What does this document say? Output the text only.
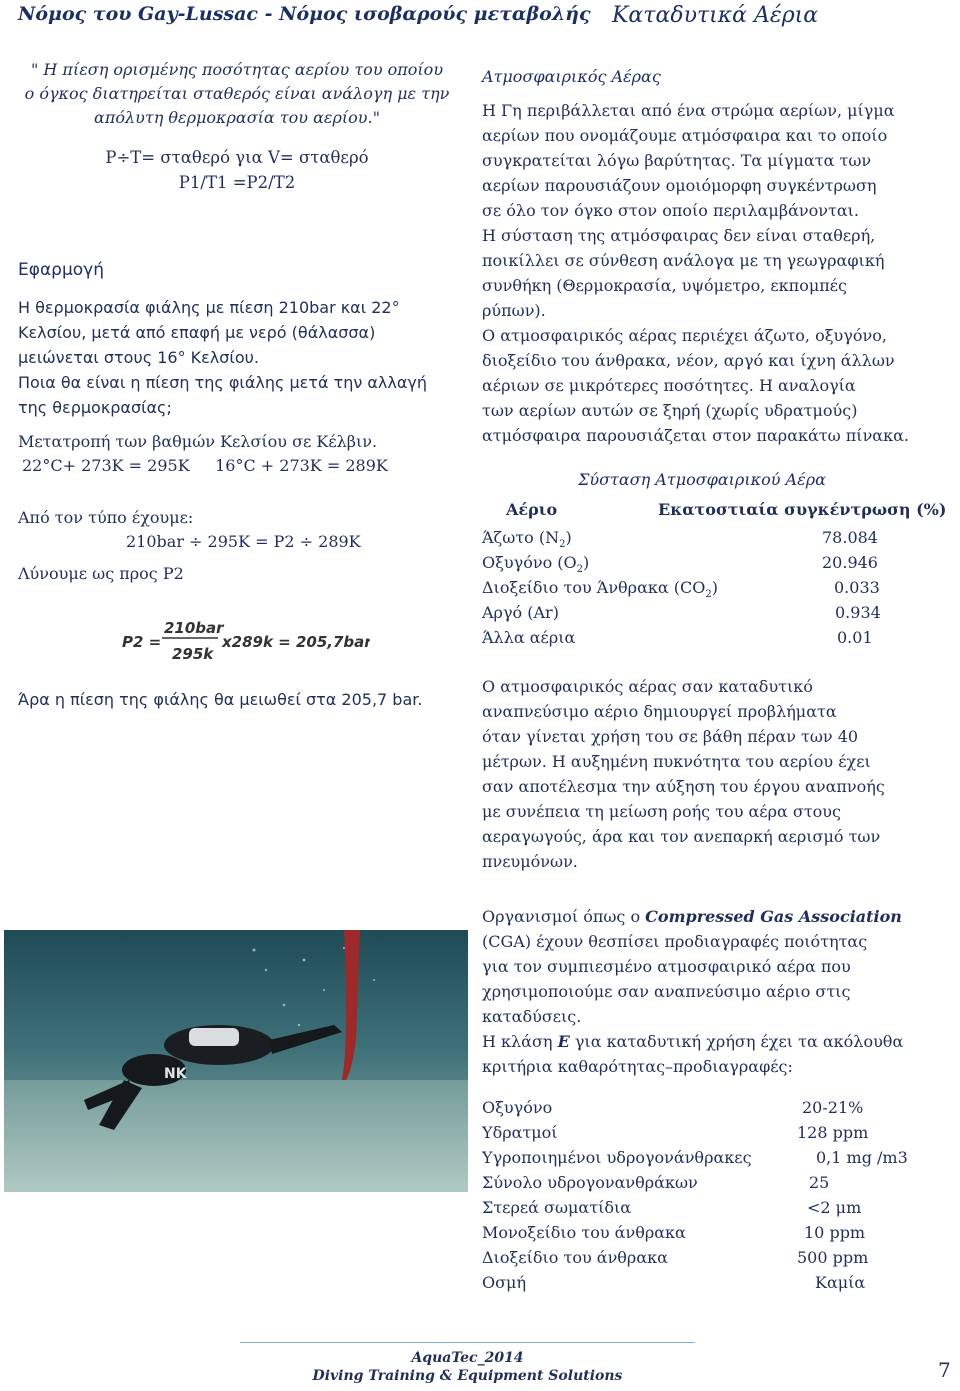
Νόμος του Gay-Lussac - Νόμος ισοβαρούς μεταβολής Καταδυτικά Αέρια
" Η πίεση ορισμένης ποσότητας αερίου του οποίου
ο όγκος διατηρείται σταθερός είναι ανάλογη με την
απόλυτη θερμοκρασία του αερίου."
P÷T= σταθερό για V= σταθερό
P1/T1 =P2/T2
Εφαρμογή
Η θερμοκρασία φιάλης με πίεση 210bar και 22°
Κελσίου, μετά από επαφή με νερό (θάλασσα)
μειώνεται στους 16° Κελσίου.
Ποια θα είναι η πίεση της φιάλης μετά την αλλαγή
της θερμοκρασίας;
Μετατροπή των βαθμών Κελσίου σε Κέλβιν.
22°C+ 273K = 295K     16°C + 273K = 289K
Από τον τύπο έχουμε:
210bar ÷ 295K = P2 ÷ 289K
Λύνουμε ως προς P2
P2 =
210bar
295k
x289k = 205,7bar
Άρα η πίεση της φιάλης θα μειωθεί στα 205,7 bar.
NK
Ατμοσφαιρικός Αέρας
Η Γη περιβάλλεται από ένα στρώμα αερίων, μίγμα
αερίων που ονομάζουμε ατμόσφαιρα και το οποίο
συγκρατείται λόγω βαρύτητας. Τα μίγματα των
αερίων παρουσιάζουν ομοιόμορφη συγκέντρωση
σε όλο τον όγκο στον οποίο περιλαμβάνονται.
Η σύσταση της ατμόσφαιρας δεν είναι σταθερή,
ποικίλλει σε σύνθεση ανάλογα με τη γεωγραφική
συνθήκη (Θερμοκρασία, υψόμετρο, εκπομπές
ρύπων).
Ο ατμοσφαιρικός αέρας περιέχει άζωτο, οξυγόνο,
διοξείδιο του άνθρακα, νέον, αργό και ίχνη άλλων
αέριων σε μικρότερες ποσότητες. Η αναλογία
των αερίων αυτών σε ξηρή (χωρίς υδρατμούς)
ατμόσφαιρα παρουσιάζεται στον παρακάτω πίνακα.
Σύσταση Ατμοσφαιρικού Αέρα
Αέριο	Εκατοστιαία συγκέντρωση (%)
Άζωτο $(N_2)$	78.084
Οξυγόνο $(O_2)$	20.946
Διοξείδιο του Άνθρακα $(CO_2)$	0.033
Αργό (Ar)	0.934
Άλλα αέρια	0.01
Ο ατμοσφαιρικός αέρας σαν καταδυτικό
αναπνεύσιμο αέριο δημιουργεί προβλήματα
όταν γίνεται χρήση του σε βάθη πέραν των 40
μέτρων. Η αυξημένη πυκνότητα του αερίου έχει
σαν αποτέλεσμα την αύξηση του έργου αναπνοής
με συνέπεια τη μείωση ροής του αέρα στους
αεραγωγούς, άρα και τον ανεπαρκή αερισμό των
πνευμόνων.
Οργανισμοί όπως ο Compressed Gas Association
(CGA) έχουν θεσπίσει προδιαγραφές ποιότητας
για τον συμπιεσμένο ατμοσφαιρικό αέρα που
χρησιμοποιούμε σαν αναπνεύσιμο αέριο στις
καταδύσεις.
Η κλάση Ε για καταδυτική χρήση έχει τα ακόλουθα
κριτήρια καθαρότητας–προδιαγραφές:
Οξυγόνο	20-21%
Υδρατμοί	128 ppm
Υγροποιημένοι υδρογονάνθρακες	0,1 mg /m3
Σύνολο υδρογονανθράκων	25
Στερεά σωματίδια	<2 μm
Μονοξείδιο του άνθρακα	10 ppm
Διοξείδιο του άνθρακα	500 ppm
Οσμή	Καμία
AquaTec_2014
Diving Training & Equipment Solutions	7
